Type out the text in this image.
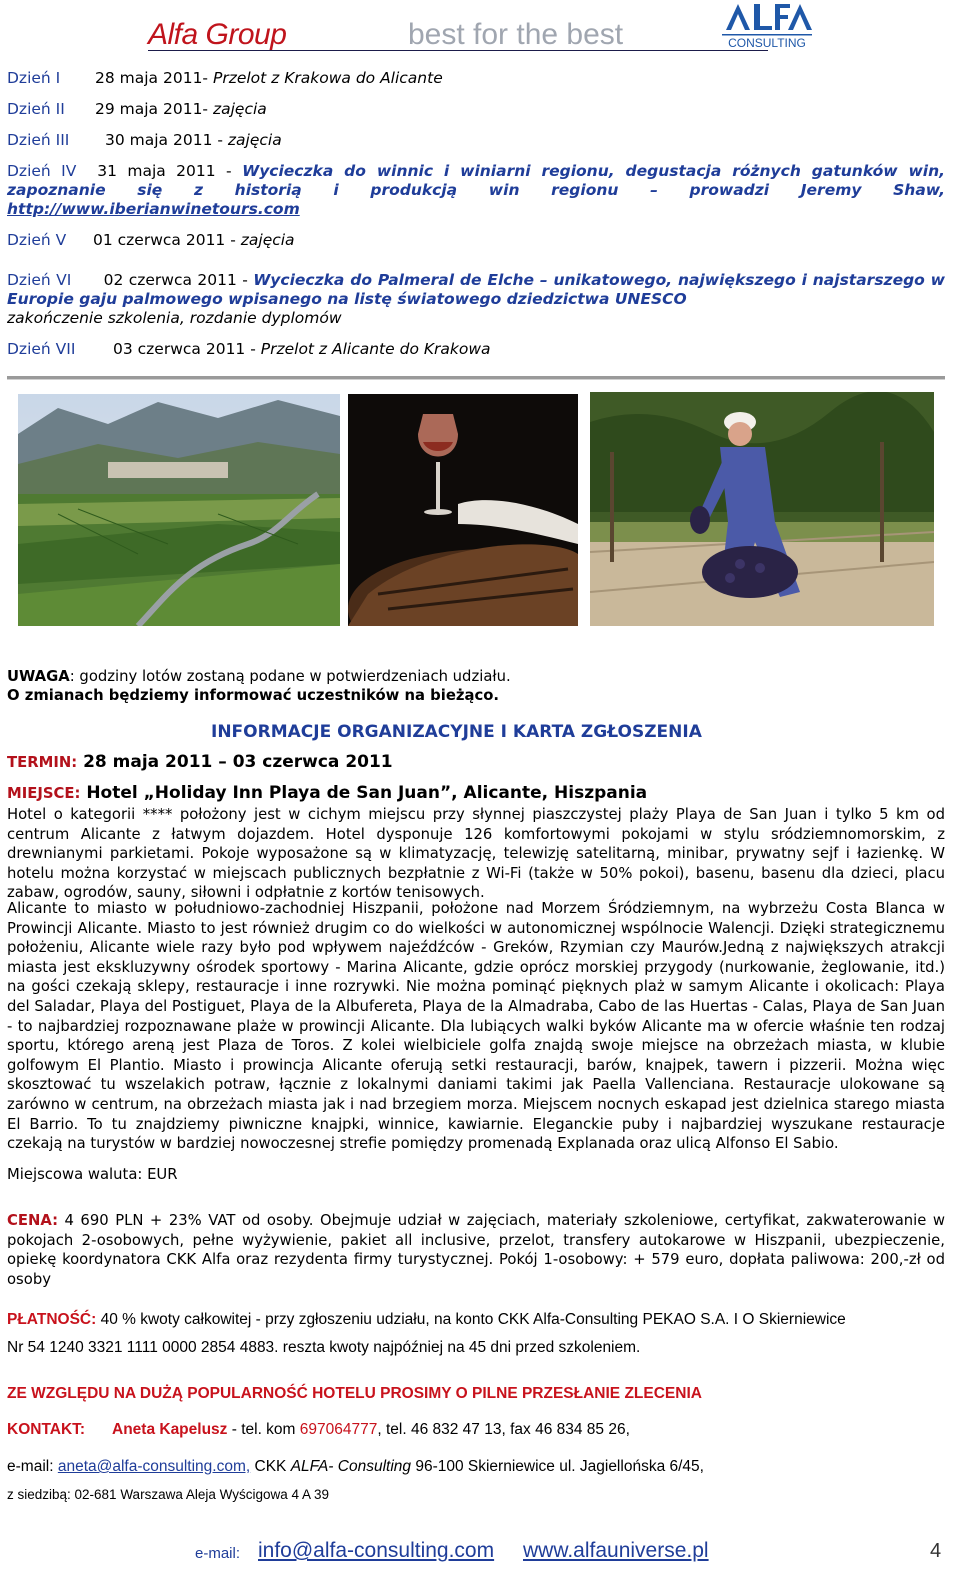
Alfa Group	best for the best	CONSULTING
Dzień I 28 maja 2011- Przelot z Krakowa do Alicante
Dzień II 29 maja 2011- zajęcia
Dzień III 30 maja 2011 - zajęcia
Dzień IV 31 maja 2011 - Wycieczka do winnic i winiarni regionu, degustacja różnych gatunków win, zapoznanie się z historią i produkcją win regionu – prowadzi Jeremy Shaw, http://www.iberianwinetours.com
Dzień V 01 czerwca 2011 - zajęcia
Dzień VI 02 czerwca 2011 - Wycieczka do Palmeral de Elche – unikatowego, największego i najstarszego w Europie gaju palmowego wpisanego na listę światowego dziedzictwa UNESCO
zakończenie szkolenia, rozdanie dyplomów
Dzień VII 03 czerwca 2011 - Przelot z Alicante do Krakowa
UWAGA: godziny lotów zostaną podane w potwierdzeniach udziału.
O zmianach będziemy informować uczestników na bieżąco.
INFORMACJE ORGANIZACYJNE I KARTA ZGŁOSZENIA
TERMIN: 28 maja 2011 – 03 czerwca 2011
MIEJSCE: Hotel „Holiday Inn Playa de San Juan”, Alicante, Hiszpania
Hotel o kategorii **** położony jest w cichym miejscu przy słynnej piaszczystej plaży Playa de San Juan i tylko 5 km od centrum Alicante z łatwym dojazdem. Hotel dysponuje 126 komfortowymi pokojami w stylu sródziemnomorskim, z drewnianymi parkietami. Pokoje wyposażone są w klimatyzację, telewizję satelitarną, minibar, prywatny sejf i łazienkę. W hotelu można korzystać w miejscach publicznych bezpłatnie z Wi-Fi (także w 50% pokoi), basenu, basenu dla dzieci, placu zabaw, ogrodów, sauny, siłowni i odpłatnie z kortów tenisowych.
Alicante to miasto w południowo-zachodniej Hiszpanii, położone nad Morzem Śródziemnym, na wybrzeżu Costa Blanca w Prowincji Alicante. Miasto to jest również drugim co do wielkości w autonomicznej wspólnocie Walencji. Dzięki strategicznemu położeniu, Alicante wiele razy było pod wpływem najeźdźców - Greków, Rzymian czy Maurów.Jedną z największych atrakcji miasta jest ekskluzywny ośrodek sportowy - Marina Alicante, gdzie oprócz morskiej przygody (nurkowanie, żeglowanie, itd.) na gości czekają sklepy, restauracje i inne rozrywki. Nie można pominąć pięknych plaż w samym Alicante i okolicach: Playa del Saladar, Playa del Postiguet, Playa de la Albufereta, Playa de la Almadraba, Cabo de las Huertas - Calas, Playa de San Juan - to najbardziej rozpoznawane plaże w prowincji Alicante. Dla lubiących walki byków Alicante ma w ofercie właśnie ten rodzaj sportu, którego areną jest Plaza de Toros. Z kolei wielbiciele golfa znajdą swoje miejsce na obrzeżach miasta, w klubie golfowym El Plantio. Miasto i prowincja Alicante oferują setki restauracji, barów, knajpek, tawern i pizzerii. Można więc skosztować tu wszelakich potraw, łącznie z lokalnymi daniami takimi jak Paella Vallenciana. Restauracje ulokowane są zarówno w centrum, na obrzeżach miasta jak i nad brzegiem morza. Miejscem nocnych eskapad jest dzielnica starego miasta El Barrio. To tu znajdziemy piwniczne knajpki, winnice, kawiarnie. Eleganckie puby i najbardziej wyszukane restauracje czekają na turystów w bardziej nowoczesnej strefie pomiędzy promenadą Explanada oraz ulicą Alfonso El Sabio.
Miejscowa waluta: EUR
CENA: 4 690 PLN + 23% VAT od osoby. Obejmuje udział w zajęciach, materiały szkoleniowe, certyfikat, zakwaterowanie w pokojach 2-osobowych, pełne wyżywienie, pakiet all inclusive, przelot, transfery autokarowe w Hiszpanii, ubezpieczenie, opiekę koordynatora CKK Alfa oraz rezydenta firmy turystycznej. Pokój 1-osobowy: + 579 euro, dopłata paliwowa: 200,-zł od osoby
PŁATNOŚĆ: 40 % kwoty całkowitej - przy zgłoszeniu udziału, na konto CKK Alfa-Consulting PEKAO S.A. I O Skierniewice
Nr 54 1240 3321 1111 0000 2854 4883. reszta kwoty najpóźniej na 45 dni przed szkoleniem.
ZE WZGLĘDU NA DUŻĄ POPULARNOŚĆ HOTELU PROSIMY O PILNE PRZESŁANIE ZLECENIA
KONTAKT: Aneta Kapelusz - tel. kom 697064777, tel. 46 832 47 13, fax 46 834 85 26,
e-mail: aneta@alfa-consulting.com, CKK ALFA- Consulting 96-100 Skierniewice ul. Jagiellońska 6/45,
z siedzibą: 02-681 Warszawa Aleja Wyścigowa 4 A 39
e-mail: info@alfa-consulting.com www.alfauniverse.pl	4
